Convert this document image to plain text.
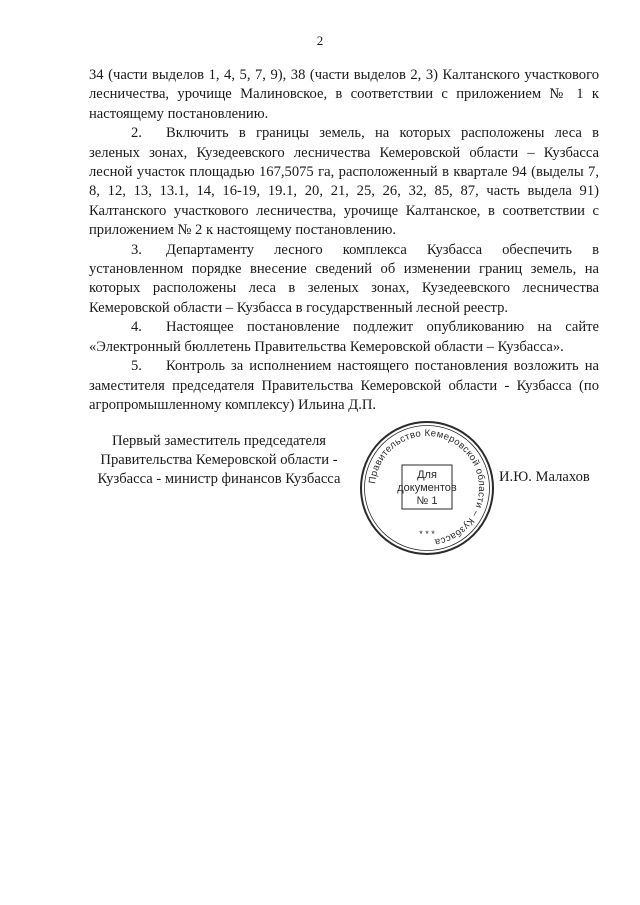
2

34 (части выделов 1, 4, 5, 7, 9), 38 (части выделов 2, 3) Калтанского участкового лесничества, урочище Малиновское, в соответствии с приложением № 1 к настоящему постановлению.

2. Включить в границы земель, на которых расположены леса в зеленых зонах, Кузедеевского лесничества Кемеровской области – Кузбасса лесной участок площадью 167,5075 га, расположенный в квартале 94 (выделы 7, 8, 12, 13, 13.1, 14, 16-19, 19.1, 20, 21, 25, 26, 32, 85, 87, часть выдела 91) Калтанского участкового лесничества, урочище Калтанское, в соответствии с приложением № 2 к настоящему постановлению.

3. Департаменту лесного комплекса Кузбасса обеспечить в установленном порядке внесение сведений об изменении границ земель, на которых расположены леса в зеленых зонах, Кузедеевского лесничества Кемеровской области – Кузбасса в государственный лесной реестр.

4. Настоящее постановление подлежит опубликованию на сайте «Электронный бюллетень Правительства Кемеровской области – Кузбасса».

5. Контроль за исполнением настоящего постановления возложить на заместителя председателя Правительства Кемеровской области - Кузбасса (по агропромышленному комплексу) Ильина Д.П.

Первый заместитель председателя
Правительства Кемеровской области -
Кузбасса - министр финансов Кузбасса	И.Ю. Малахов
Правительство Кемеровской области – Кузбасса
* * *
Для
документов
№ 1
